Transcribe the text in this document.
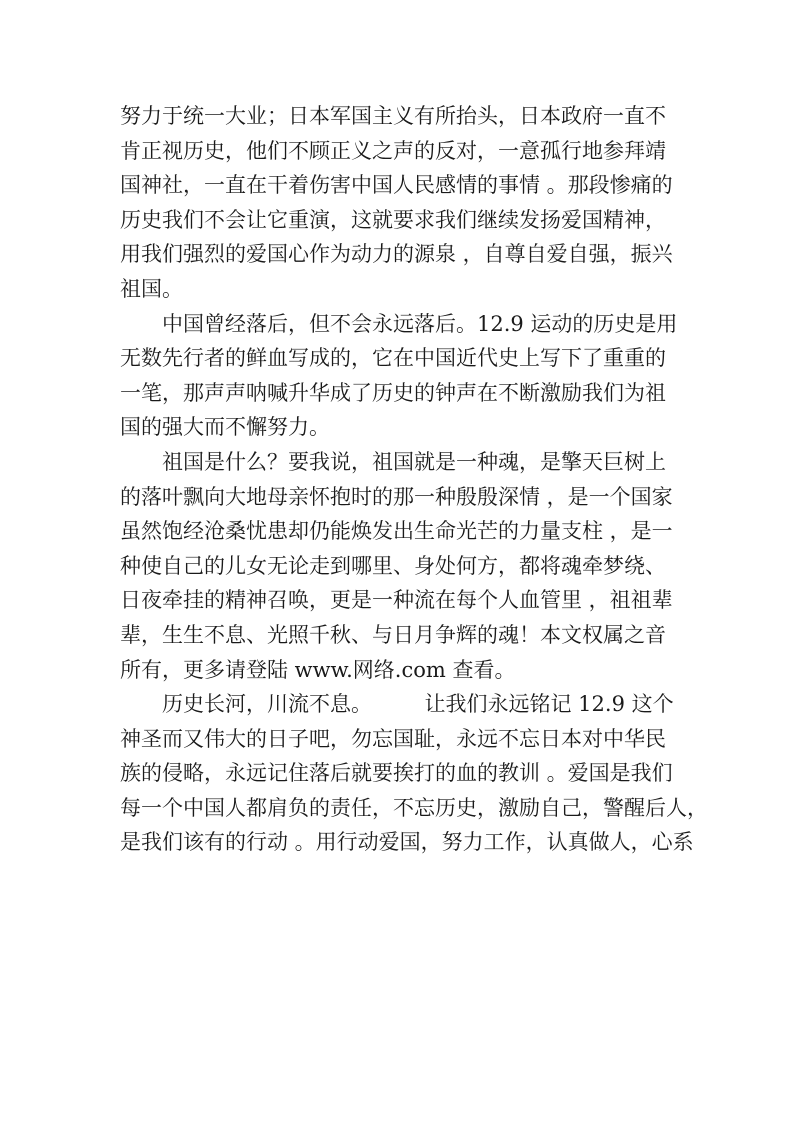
努力于统一大业；日本军国主义有所抬头，日本政府一直不
肯正视历史，他们不顾正义之声的反对，一意孤行地参拜靖
国神社，一直在干着伤害中国人民感情的事情 。那段惨痛的
历史我们不会让它重演，这就要求我们继续发扬爱国精神，
用我们强烈的爱国心作为动力的源泉 ，自尊自爱自强，振兴
祖国。
　　中国曾经落后，但不会永远落后。12.9 运动的历史是用
无数先行者的鲜血写成的，它在中国近代史上写下了重重的
一笔，那声声呐喊升华成了历史的钟声在不断激励我们为祖
国的强大而不懈努力。
　　祖国是什么？要我说，祖国就是一种魂，是擎天巨树上
的落叶飘向大地母亲怀抱时的那一种殷殷深情 ，是一个国家
虽然饱经沧桑忧患却仍能焕发出生命光芒的力量支柱 ，是一
种使自己的儿女无论走到哪里、身处何方，都将魂牵梦绕、
日夜牵挂的精神召唤，更是一种流在每个人血管里 ，祖祖辈
辈，生生不息、光照千秋、与日月争辉的魂！本文权属之音
所有，更多请登陆 www.网络.com 查看。
　　历史长河，川流不息。　　　让我们永远铭记 12.9 这个
神圣而又伟大的日子吧，勿忘国耻，永远不忘日本对中华民
族的侵略，永远记住落后就要挨打的血的教训 。爱国是我们
每一个中国人都肩负的责任，不忘历史，激励自己，警醒后人，
是我们该有的行动 。用行动爱国，努力工作，认真做人，心系
